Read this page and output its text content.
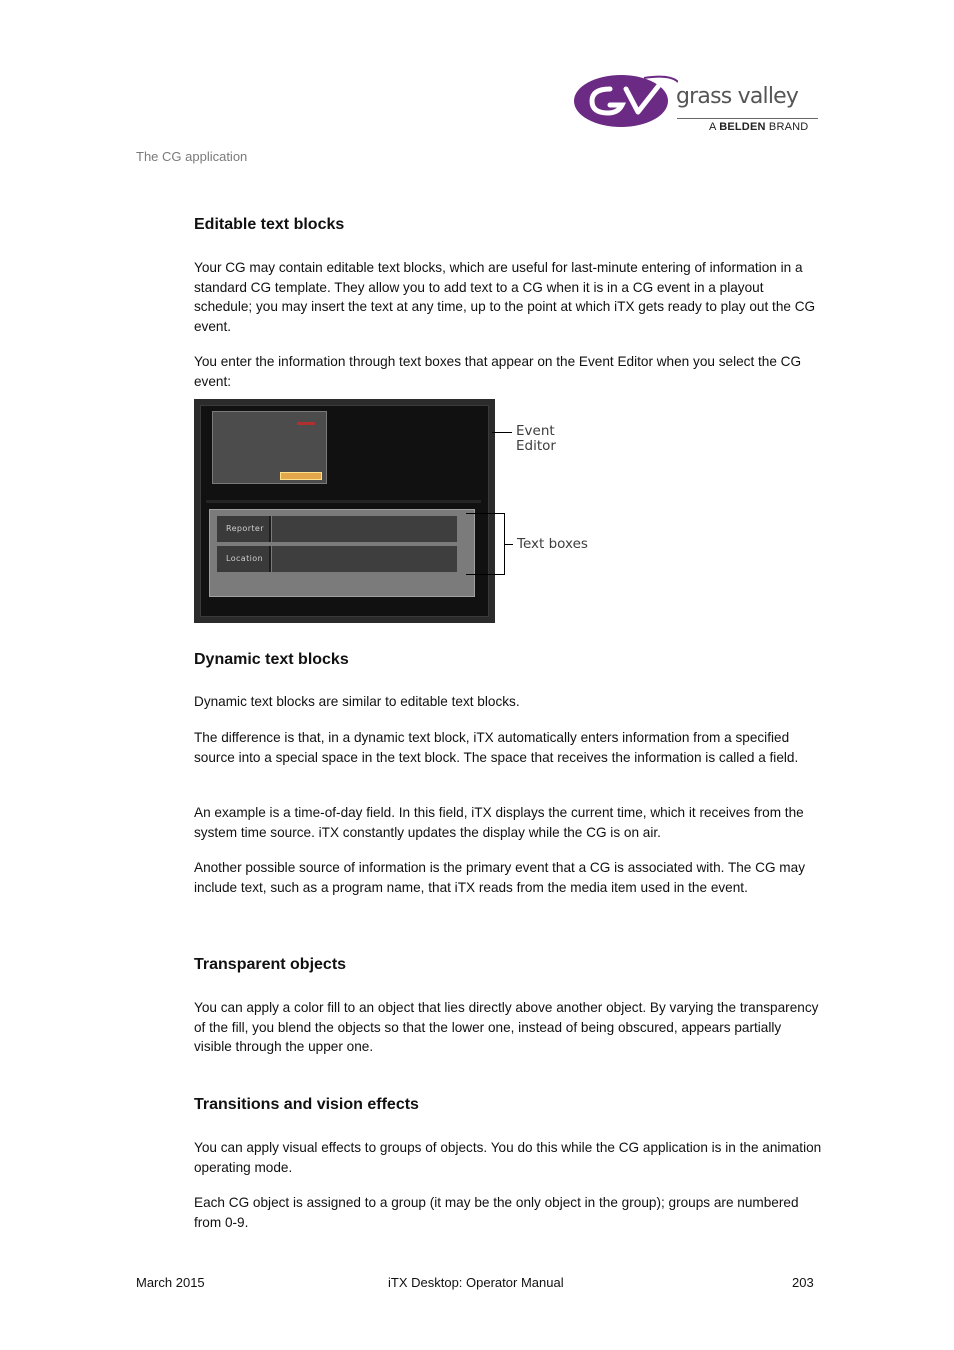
grass valley
A BELDEN BRAND
The CG application
Editable text blocks

Your CG may contain editable text blocks, which are useful for last-minute entering of information in a standard CG template. They allow you to add text to a CG when it is in a CG event in a playout schedule; you may insert the text at any time, up to the point at which iTX gets ready to play out the CG event.

You enter the information through text boxes that appear on the Event Editor when you select the CG event:

Reporter
Location
Event
Editor
Text boxes
Dynamic text blocks

Dynamic text blocks are similar to editable text blocks.

The difference is that, in a dynamic text block, iTX automatically enters information from a specified source into a special space in the text block. The space that receives the information is called a field.

An example is a time-of-day field. In this field, iTX displays the current time, which it receives from the system time source. iTX constantly updates the display while the CG is on air.

Another possible source of information is the primary event that a CG is associated with. The CG may include text, such as a program name, that iTX reads from the media item used in the event.

Transparent objects

You can apply a color fill to an object that lies directly above another object. By varying the transparency of the fill, you blend the objects so that the lower one, instead of being obscured, appears partially visible through the upper one.

Transitions and vision effects

You can apply visual effects to groups of objects. You do this while the CG application is in the animation operating mode.

Each CG object is assigned to a group (it may be the only object in the group); groups are numbered from 0-9.

March 2015	iTX Desktop: Operator Manual	203
